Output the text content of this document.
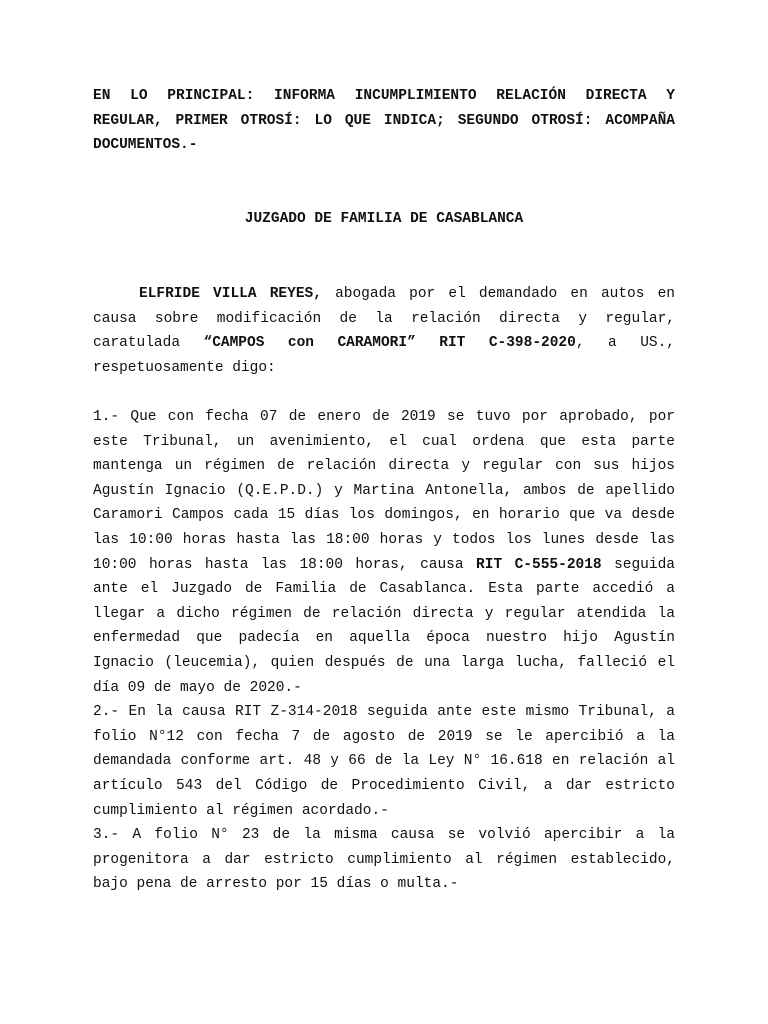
EN LO PRINCIPAL: INFORMA INCUMPLIMIENTO RELACIÓN DIRECTA Y REGULAR, PRIMER OTROSÍ: LO QUE INDICA; SEGUNDO OTROSÍ: ACOMPAÑA DOCUMENTOS.-

JUZGADO DE FAMILIA DE CASABLANCA

ELFRIDE VILLA REYES, abogada por el demandado en autos en causa sobre modificación de la relación directa y regular, caratulada “CAMPOS con CARAMORI” RIT C-398-2020, a US., respetuosamente digo:

1.- Que con fecha 07 de enero de 2019 se tuvo por aprobado, por este Tribunal, un avenimiento, el cual ordena que esta parte mantenga un régimen de relación directa y regular con sus hijos Agustín Ignacio (Q.E.P.D.) y Martina Antonella, ambos de apellido Caramori Campos cada 15 días los domingos, en horario que va desde las 10:00 horas hasta las 18:00 horas y todos los lunes desde las 10:00 horas hasta las 18:00 horas, causa RIT C-555-2018 seguida ante el Juzgado de Familia de Casablanca. Esta parte accedió a llegar a dicho régimen de relación directa y regular atendida la enfermedad que padecía en aquella época nuestro hijo Agustín Ignacio (leucemia), quien después de una larga lucha, falleció el día 09 de mayo de 2020.-

2.- En la causa RIT Z-314-2018 seguida ante este mismo Tribunal, a folio N°12 con fecha 7 de agosto de 2019 se le apercibió a la demandada conforme art. 48 y 66 de la Ley N° 16.618 en relación al artículo 543 del Código de Procedimiento Civil, a dar estricto cumplimiento al régimen acordado.-

3.- A folio N° 23 de la misma causa se volvió apercibir a la progenitora a dar estricto cumplimiento al régimen establecido, bajo pena de arresto por 15 días o multa.-
